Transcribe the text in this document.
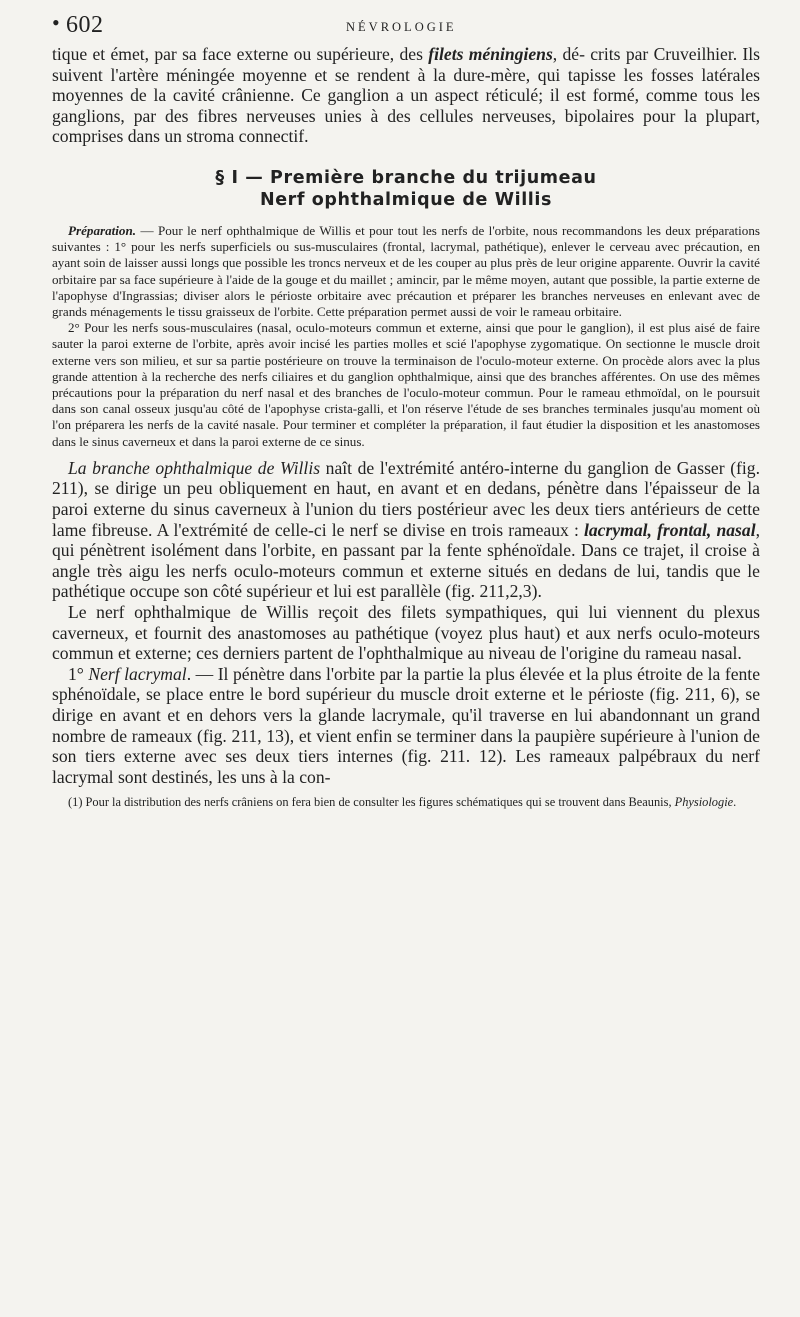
• 602	NÉVROLOGIE

tique et émet, par sa face externe ou supérieure, des filets méningiens, dé- crits par Cruveilhier. Ils suivent l'artère méningée moyenne et se rendent à la dure-mère, qui tapisse les fosses latérales moyennes de la cavité crânienne. Ce ganglion a un aspect réticulé; il est formé, comme tous les ganglions, par des fibres nerveuses unies à des cellules nerveuses, bipolaires pour la plupart, comprises dans un stroma connectif.

§ I — Première branche du trijumeau
Nerf ophthalmique de Willis

Préparation. — Pour le nerf ophthalmique de Willis et pour tout les nerfs de l'orbite, nous recommandons les deux préparations suivantes : 1° pour les nerfs superficiels ou sus-musculaires (frontal, lacrymal, pathétique), enlever le cerveau avec précaution, en ayant soin de laisser aussi longs que possible les troncs nerveux et de les couper au plus près de leur origine apparente. Ouvrir la cavité orbitaire par sa face supérieure à l'aide de la gouge et du maillet ; amincir, par le même moyen, autant que possible, la partie externe de l'apophyse d'Ingrassias; diviser alors le périoste orbitaire avec précaution et préparer les branches nerveuses en enlevant avec de grands ménagements le tissu graisseux de l'orbite. Cette préparation permet aussi de voir le rameau orbitaire.

2° Pour les nerfs sous-musculaires (nasal, oculo-moteurs commun et externe, ainsi que pour le ganglion), il est plus aisé de faire sauter la paroi externe de l'orbite, après avoir incisé les parties molles et scié l'apophyse zygomatique. On sectionne le muscle droit externe vers son milieu, et sur sa partie postérieure on trouve la terminaison de l'oculo-moteur externe. On procède alors avec la plus grande attention à la recherche des nerfs ciliaires et du ganglion ophthalmique, ainsi que des branches afférentes. On use des mêmes précautions pour la préparation du nerf nasal et des branches de l'oculo-moteur commun. Pour le rameau ethmoïdal, on le poursuit dans son canal osseux jusqu'au côté de l'apophyse crista-galli, et l'on réserve l'étude de ses branches terminales jusqu'au moment où l'on préparera les nerfs de la cavité nasale. Pour terminer et compléter la préparation, il faut étudier la disposition et les anastomoses dans le sinus caverneux et dans la paroi externe de ce sinus.

La branche ophthalmique de Willis naît de l'extrémité antéro-interne du ganglion de Gasser (fig. 211), se dirige un peu obliquement en haut, en avant et en dedans, pénètre dans l'épaisseur de la paroi externe du sinus caverneux à l'union du tiers postérieur avec les deux tiers antérieurs de cette lame fibreuse. A l'extrémité de celle-ci le nerf se divise en trois rameaux : lacrymal, frontal, nasal, qui pénètrent isolément dans l'orbite, en passant par la fente sphénoïdale. Dans ce trajet, il croise à angle très aigu les nerfs oculo-moteurs commun et externe situés en dedans de lui, tandis que le pathétique occupe son côté supérieur et lui est parallèle (fig. 211,2,3).

Le nerf ophthalmique de Willis reçoit des filets sympathiques, qui lui viennent du plexus caverneux, et fournit des anastomoses au pathétique (voyez plus haut) et aux nerfs oculo-moteurs commun et externe; ces derniers partent de l'ophthalmique au niveau de l'origine du rameau nasal.

1° Nerf lacrymal. — Il pénètre dans l'orbite par la partie la plus élevée et la plus étroite de la fente sphénoïdale, se place entre le bord supérieur du muscle droit externe et le périoste (fig. 211, 6), se dirige en avant et en dehors vers la glande lacrymale, qu'il traverse en lui abandonnant un grand nombre de rameaux (fig. 211, 13), et vient enfin se terminer dans la paupière supérieure à l'union de son tiers externe avec ses deux tiers internes (fig. 211. 12). Les rameaux palpébraux du nerf lacrymal sont destinés, les uns à la con-

(1) Pour la distribution des nerfs crâniens on fera bien de consulter les figures schématiques qui se trouvent dans Beaunis, Physiologie.
